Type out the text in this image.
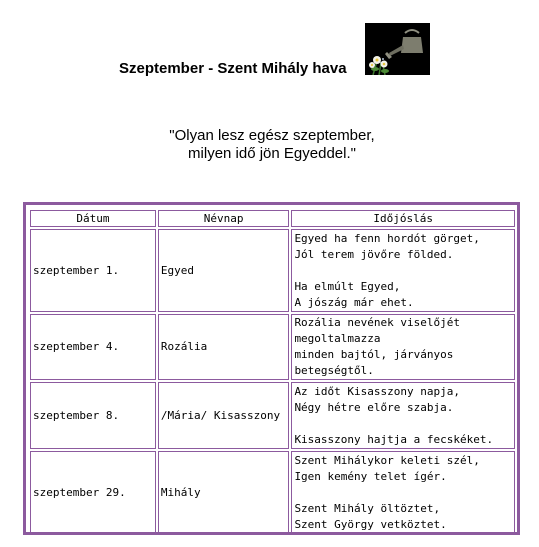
Szeptember - Szent Mihály hava
"Olyan lesz egész szeptember,
milyen idő jön Egyeddel."
Dátum	Névnap	Időjóslás
szeptember 1.	Egyed	Egyed ha fenn hordót görget,
Jól terem jövőre földed.
Ha elmúlt Egyed,
A jószág már ehet.

szeptember 4.	Rozália	Rozália nevének viselőjét
megoltalmazza
minden bajtól, járványos
betegségtől.

szeptember 8.	/Mária/ Kisasszony	Az időt Kisasszony napja,
Négy hétre előre szabja.
Kisasszony hajtja a fecskéket.

szeptember 29.	Mihály	Szent Mihálykor keleti szél,
Igen kemény telet ígér.
Szent Mihály öltöztet,
Szent György vetköztet.
